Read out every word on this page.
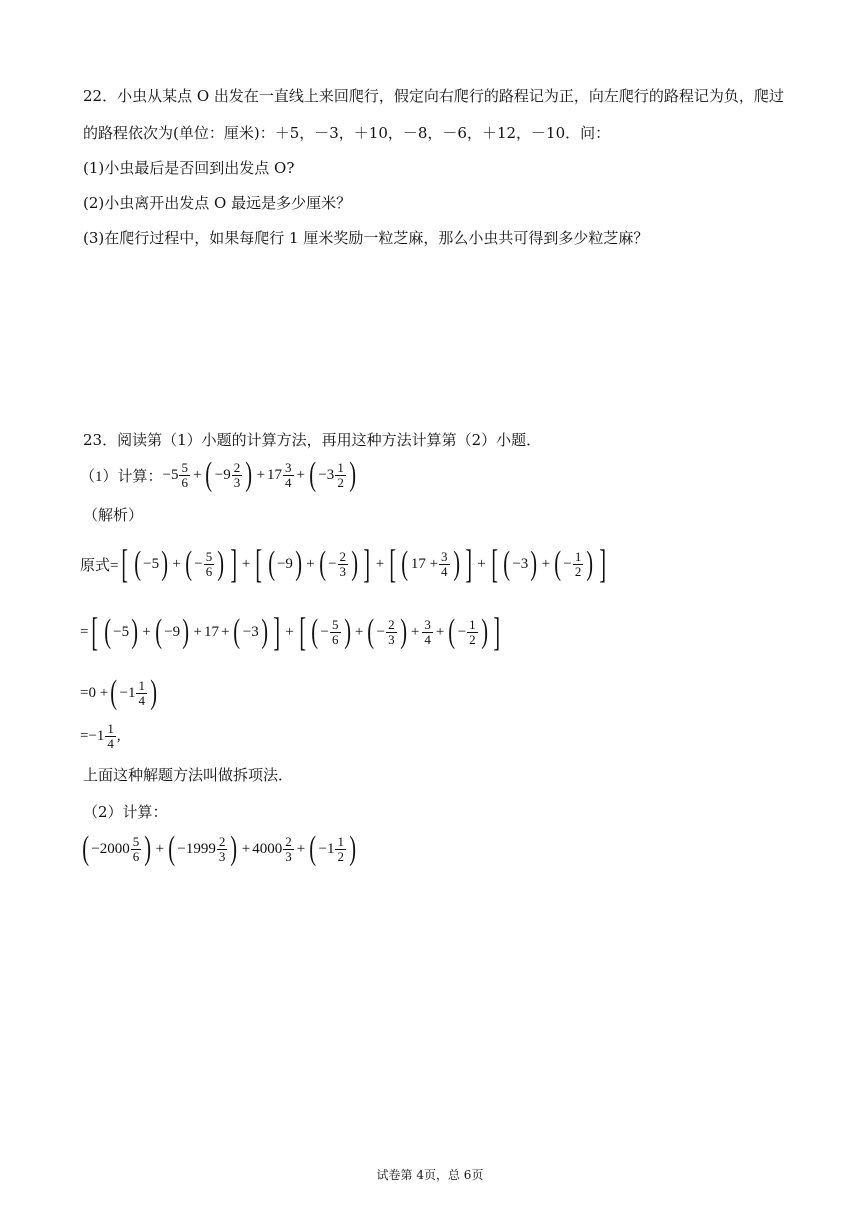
22．小虫从某点 O 出发在一直线上来回爬行，假定向右爬行的路程记为正，向左爬行的路程记为负，爬过
的路程依次为(单位：厘米)：＋5，－3，＋10，－8，－6，＋12，－10．问：
(1)小虫最后是否回到出发点 O?
(2)小虫离开出发点 O 最远是多少厘米？
(3)在爬行过程中，如果每爬行 1 厘米奖励一粒芝麻，那么小虫共可得到多少粒芝麻？
23．阅读第（1）小题的计算方法，再用这种方法计算第（2）小题．
（1）计算： $-5 \frac{5}{6}$ + ( $-9 \frac{2}{3}$ ) + $17 \frac{3}{4}$ + ( $-3 \frac{1}{2}$ )
（解析）
原式= [ ( −5 ) + ( − $\frac{5}{6}$ ) ] + [ ( −9 ) + ( − $\frac{2}{3}$ ) ] + [ ( $17 + \frac{3}{4}$ ) ] + [ ( −3 ) + ( − $\frac{1}{2}$ ) ]
= [ ( −5 ) + ( −9 ) + 17 + ( −3 ) ] + [ ( − $\frac{5}{6}$ ) + ( − $\frac{2}{3}$ ) + $\frac{3}{4}$ + ( − $\frac{1}{2}$ ) ]
=0 + ( $-1 \frac{1}{4}$ )
$=-1 \frac{1}{4}$ ,
上面这种解题方法叫做拆项法．
（2）计算：
( $-2000 \frac{5}{6}$ ) + ( $-1999 \frac{2}{3}$ ) + $4000 \frac{2}{3}$ + ( $-1 \frac{1}{2}$ )
试卷第 4页，总 6页
